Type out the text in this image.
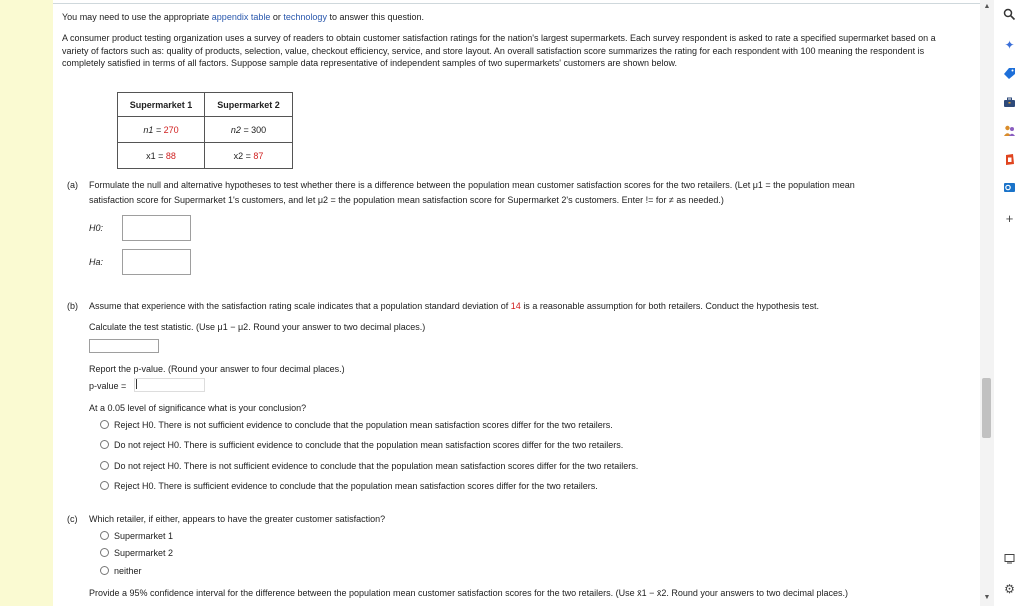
You may need to use the appropriate appendix table or technology to answer this question.
A consumer product testing organization uses a survey of readers to obtain customer satisfaction ratings for the nation's largest supermarkets. Each survey respondent is asked to rate a specified supermarket based on a variety of factors such as: quality of products, selection, value, checkout efficiency, service, and store layout. An overall satisfaction score summarizes the rating for each respondent with 100 meaning the respondent is completely satisfied in terms of all factors. Suppose sample data representative of independent samples of two supermarkets' customers are shown below.
Supermarket 1	Supermarket 2
n1 = 270	n2 = 300
x1 = 88	x2 = 87
(a) Formulate the null and alternative hypotheses to test whether there is a difference between the population mean customer satisfaction scores for the two retailers. (Let μ1 = the population mean
satisfaction score for Supermarket 1's customers, and let μ2 = the population mean satisfaction score for Supermarket 2's customers. Enter != for ≠ as needed.)
H0:
Ha:
(b) Assume that experience with the satisfaction rating scale indicates that a population standard deviation of 14 is a reasonable assumption for both retailers. Conduct the hypothesis test.
Calculate the test statistic. (Use μ1 − μ2. Round your answer to two decimal places.)
Report the p-value. (Round your answer to four decimal places.)
p-value =
At a 0.05 level of significance what is your conclusion?
Reject H0. There is not sufficient evidence to conclude that the population mean satisfaction scores differ for the two retailers.
Do not reject H0. There is sufficient evidence to conclude that the population mean satisfaction scores differ for the two retailers.
Do not reject H0. There is not sufficient evidence to conclude that the population mean satisfaction scores differ for the two retailers.
Reject H0. There is sufficient evidence to conclude that the population mean satisfaction scores differ for the two retailers.
(c) Which retailer, if either, appears to have the greater customer satisfaction?
Supermarket 1
Supermarket 2
neither
Provide a 95% confidence interval for the difference between the population mean customer satisfaction scores for the two retailers. (Use x̄1 − x̄2. Round your answers to two decimal places.)
▲
▼
✦
+
⚙
